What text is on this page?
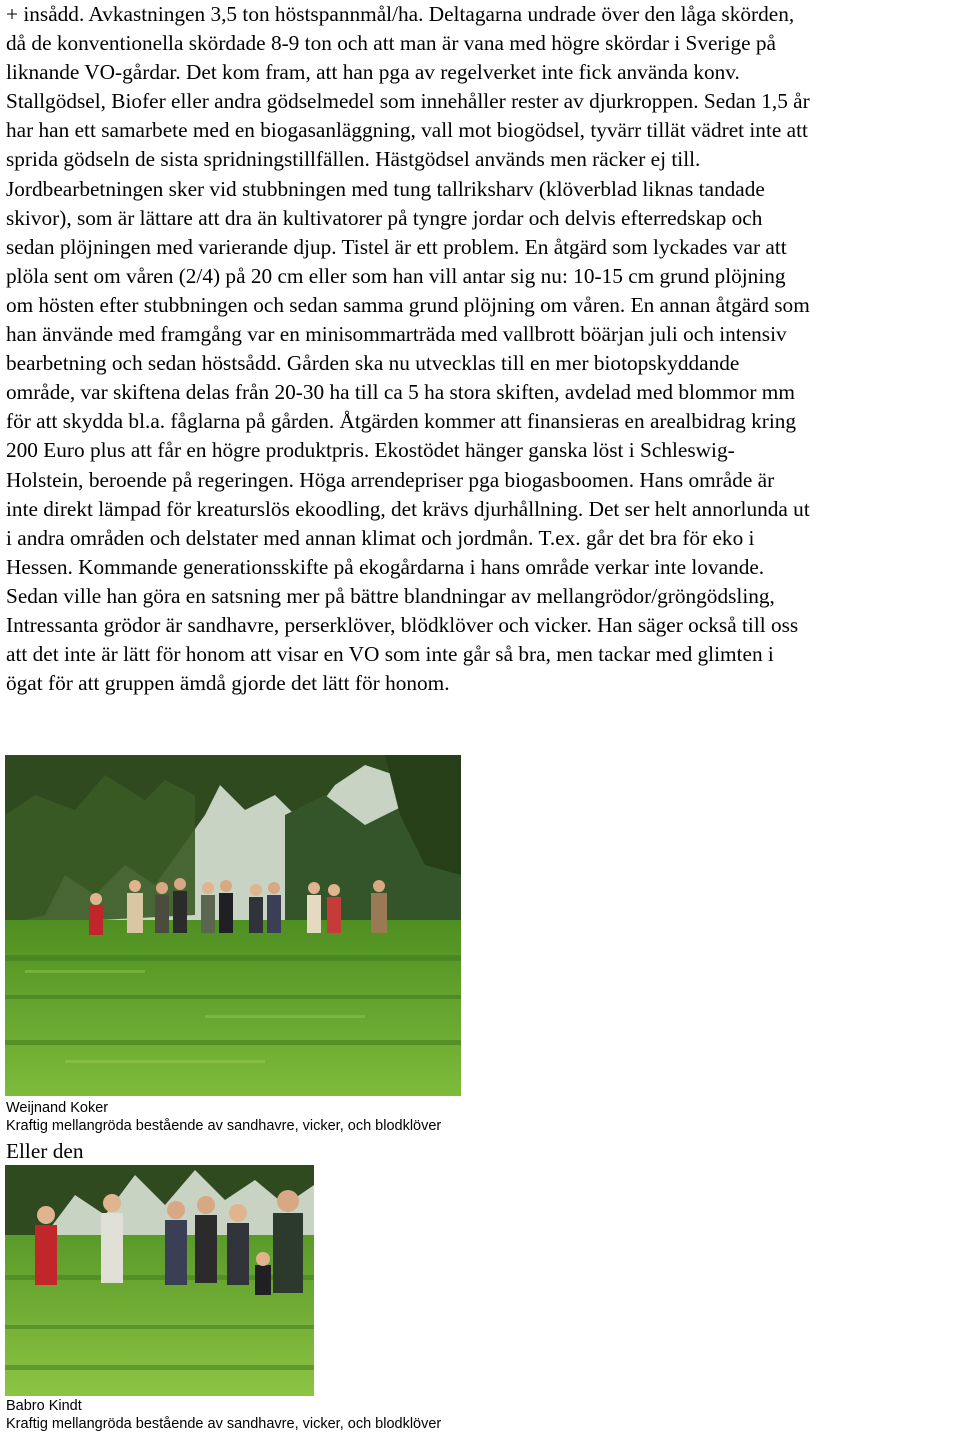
+ insådd. Avkastningen 3,5 ton höstspannmål/ha. Deltagarna undrade över den låga skörden,
då de konventionella skördade 8-9 ton och att man är vana med högre skördar i Sverige på
liknande VO-gårdar. Det kom fram, att han pga av regelverket inte fick använda konv.
Stallgödsel, Biofer eller andra gödselmedel som innehåller rester av djurkroppen. Sedan 1,5 år
har han ett samarbete med en biogasanläggning, vall mot biogödsel, tyvärr tillät vädret inte att
sprida gödseln de sista spridningstillfällen. Hästgödsel används men räcker ej till.
Jordbearbetningen sker vid stubbningen med tung tallriksharv (klöverblad liknas tandade
skivor), som är lättare att dra än kultivatorer på tyngre jordar och delvis efterredskap och
sedan plöjningen med varierande djup. Tistel är ett problem. En åtgärd som lyckades var att
plöla sent om våren (2/4) på 20 cm eller som han vill antar sig nu: 10-15 cm grund plöjning
om hösten efter stubbningen och sedan samma grund plöjning om våren. En annan åtgärd som
han änvände med framgång var en minisommarträda med vallbrott böärjan juli och intensiv
bearbetning och sedan höstsådd. Gården ska nu utvecklas till en mer biotopskyddande
område, var skiftena delas från 20-30 ha till ca 5 ha stora skiften, avdelad med blommor mm
för att skydda bl.a. fåglarna på gården. Åtgärden kommer att finansieras en arealbidrag kring
200 Euro plus att får en högre produktpris. Ekostödet hänger ganska löst i Schleswig-
Holstein, beroende på regeringen. Höga arrendepriser pga biogasboomen. Hans område är
inte direkt lämpad för kreaturslös ekoodling, det krävs djurhållning. Det ser helt annorlunda ut
i andra områden och delstater med annan klimat och jordmån. T.ex. går det bra för eko i
Hessen. Kommande generationsskifte på ekogårdarna i hans område verkar inte lovande.
Sedan ville han göra en satsning mer på bättre blandningar av mellangrödor/gröngödsling,
Intressanta grödor är sandhavre, perserklöver, blödklöver och vicker. Han säger också till oss
att det inte är lätt för honom att visar en VO som inte går så bra, men tackar med glimten i
ögat för att gruppen ämdå gjorde det lätt för honom.
Weijnand Koker
Kraftig mellangröda bestående av sandhavre, vicker, och blodklöver
Eller den
Babro Kindt
Kraftig mellangröda bestående av sandhavre, vicker, och blodklöver
